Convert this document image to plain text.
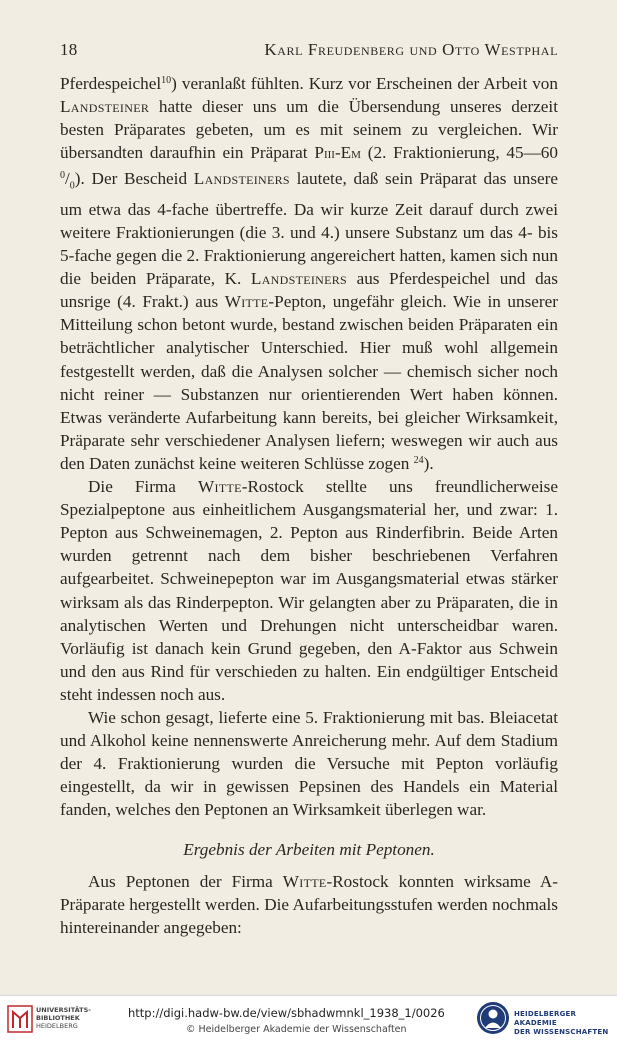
18	Karl Freudenberg und Otto Westphal

Pferdespeichel$^{10}$) veranlaßt fühlten. Kurz vor Erscheinen der Arbeit von Landsteiner hatte dieser uns um die Übersendung unseres derzeit besten Präparates gebeten, um es mit seinem zu vergleichen. Wir übersandten daraufhin ein Präparat PIII-EM (2. Fraktionierung, 45—60 $^0/_0$). Der Bescheid Landsteiners lautete, daß sein Präparat das unsere um etwa das 4-fache übertreffe. Da wir kurze Zeit darauf durch zwei weitere Fraktionierungen (die 3. und 4.) unsere Substanz um das 4- bis 5-fache gegen die 2. Fraktionierung angereichert hatten, kamen sich nun die beiden Präparate, K. Landsteiners aus Pferdespeichel und das unsrige (4. Frakt.) aus Witte-Pepton, ungefähr gleich. Wie in unserer Mitteilung schon betont wurde, bestand zwischen beiden Präparaten ein beträchtlicher analytischer Unterschied. Hier muß wohl allgemein festgestellt werden, daß die Analysen solcher — chemisch sicher noch nicht reiner — Substanzen nur orientierenden Wert haben können. Etwas veränderte Aufarbeitung kann bereits, bei gleicher Wirksamkeit, Präparate sehr verschiedener Analysen liefern; weswegen wir auch aus den Daten zunächst keine weiteren Schlüsse zogen $^{24}$).

Die Firma Witte-Rostock stellte uns freundlicherweise Spezialpeptone aus einheitlichem Ausgangsmaterial her, und zwar: 1. Pepton aus Schweinemagen, 2. Pepton aus Rinderfibrin. Beide Arten wurden getrennt nach dem bisher beschriebenen Verfahren aufgearbeitet. Schweinepepton war im Ausgangsmaterial etwas stärker wirksam als das Rinderpepton. Wir gelangten aber zu Präparaten, die in analytischen Werten und Drehungen nicht unterscheidbar waren. Vorläufig ist danach kein Grund gegeben, den A-Faktor aus Schwein und den aus Rind für verschieden zu halten. Ein endgültiger Entscheid steht indessen noch aus.

Wie schon gesagt, lieferte eine 5. Fraktionierung mit bas. Bleiacetat und Alkohol keine nennenswerte Anreicherung mehr. Auf dem Stadium der 4. Fraktionierung wurden die Versuche mit Pepton vorläufig eingestellt, da wir in gewissen Pepsinen des Handels ein Material fanden, welches den Peptonen an Wirksamkeit überlegen war.

Ergebnis der Arbeiten mit Peptonen.

Aus Peptonen der Firma Witte-Rostock konnten wirksame A-Präparate hergestellt werden. Die Aufarbeitungsstufen werden nochmals hintereinander angegeben:

UNIVERSITÄTS-
BIBLIOTHEK
HEIDELBERG
http://digi.hadw-bw.de/view/sbhadwmnkl_1938_1/0026
© Heidelberger Akademie der Wissenschaften
HEIDELBERGER AKADEMIE
DER WISSENSCHAFTEN
